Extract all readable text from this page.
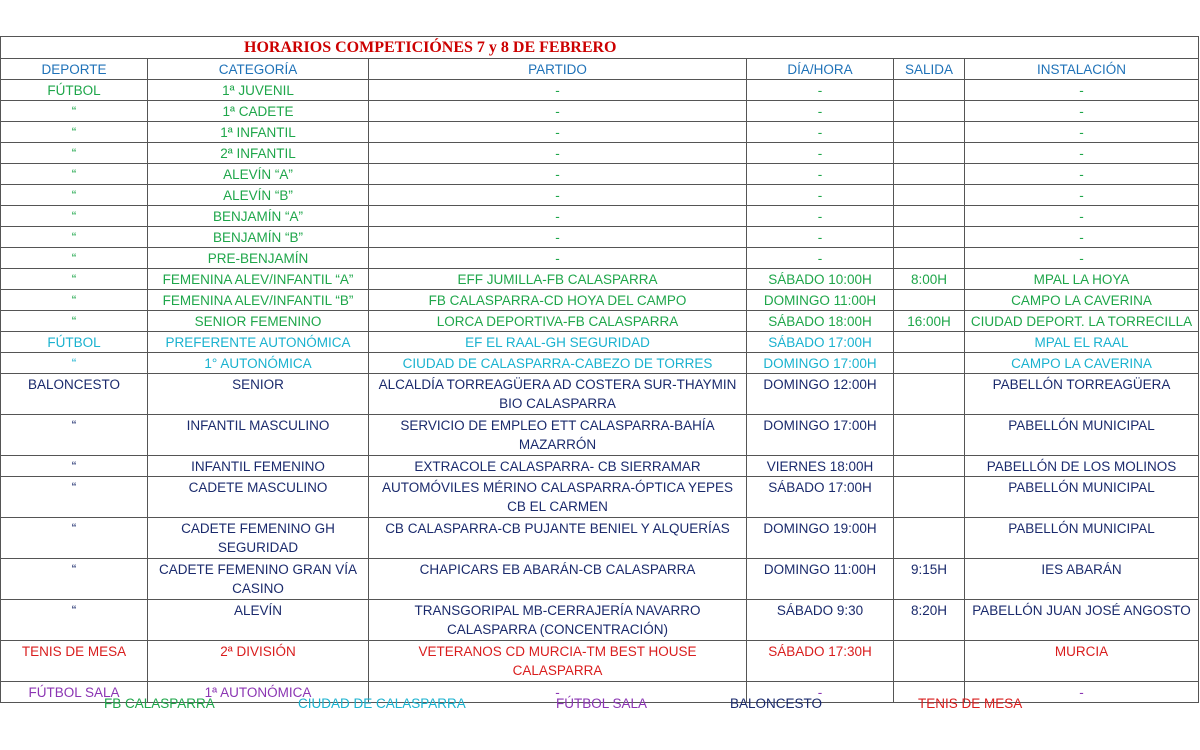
HORARIOS COMPETICIÓNES 7 y 8 DE FEBRERO					
DEPORTE	CATEGORÍA	PARTIDO	DÍA/HORA	SALIDA	INSTALACIÓN
FÚTBOL	1ª JUVENIL	-	-		-
“	1ª CADETE	-	-		-
“	1ª INFANTIL	-	-		-
“	2ª INFANTIL	-	-		-
“	ALEVÍN “A”	-	-		-
“	ALEVÍN “B”	-	-		-
“	BENJAMÍN “A”	-	-		-
“	BENJAMÍN “B”	-	-		-
“	PRE-BENJAMÍN	-	-		-
“	FEMENINA ALEV/INFANTIL “A”	EFF JUMILLA-FB CALASPARRA	SÁBADO 10:00H	8:00H	MPAL LA HOYA
“	FEMENINA ALEV/INFANTIL “B”	FB CALASPARRA-CD HOYA DEL CAMPO	DOMINGO 11:00H		CAMPO LA CAVERINA
“	SENIOR FEMENINO	LORCA DEPORTIVA-FB CALASPARRA	SÁBADO 18:00H	16:00H	CIUDAD DEPORT. LA TORRECILLA
FÚTBOL	PREFERENTE AUTONÓMICA	EF EL RAAL-GH SEGURIDAD	SÁBADO 17:00H		MPAL EL RAAL
“	1° AUTONÓMICA	CIUDAD DE CALASPARRA-CABEZO DE TORRES	DOMINGO 17:00H		CAMPO LA CAVERINA
BALONCESTO	SENIOR	ALCALDÍA TORREAGÜERA AD COSTERA SUR-THAYMIN BIO CALASPARRA	DOMINGO 12:00H		PABELLÓN TORREAGÜERA
“	INFANTIL MASCULINO	SERVICIO DE EMPLEO ETT CALASPARRA-BAHÍA MAZARRÓN	DOMINGO 17:00H		PABELLÓN MUNICIPAL
“	INFANTIL FEMENINO	EXTRACOLE CALASPARRA- CB SIERRAMAR	VIERNES 18:00H		PABELLÓN DE LOS MOLINOS
“	CADETE MASCULINO	AUTOMÓVILES MÉRINO CALASPARRA-ÓPTICA YEPES CB EL CARMEN	SÁBADO 17:00H		PABELLÓN MUNICIPAL
“	CADETE FEMENINO GH SEGURIDAD	CB CALASPARRA-CB PUJANTE BENIEL Y ALQUERÍAS	DOMINGO 19:00H		PABELLÓN MUNICIPAL
“	CADETE FEMENINO GRAN VÍA CASINO	CHAPICARS EB ABARÁN-CB CALASPARRA	DOMINGO 11:00H	9:15H	IES ABARÁN
“	ALEVÍN	TRANSGORIPAL MB-CERRAJERÍA NAVARRO CALASPARRA (CONCENTRACIÓN)	SÁBADO 9:30	8:20H	PABELLÓN JUAN JOSÉ ANGOSTO
TENIS DE MESA	2ª DIVISIÓN	VETERANOS CD MURCIA-TM BEST HOUSE CALASPARRA	SÁBADO 17:30H		MURCIA
FÚTBOL SALA	1ª AUTONÓMICA	-	-		-
FB CALASPARRA	CIUDAD DE CALASPARRA	FÚTBOL SALA	BALONCESTO	TENIS DE MESA
